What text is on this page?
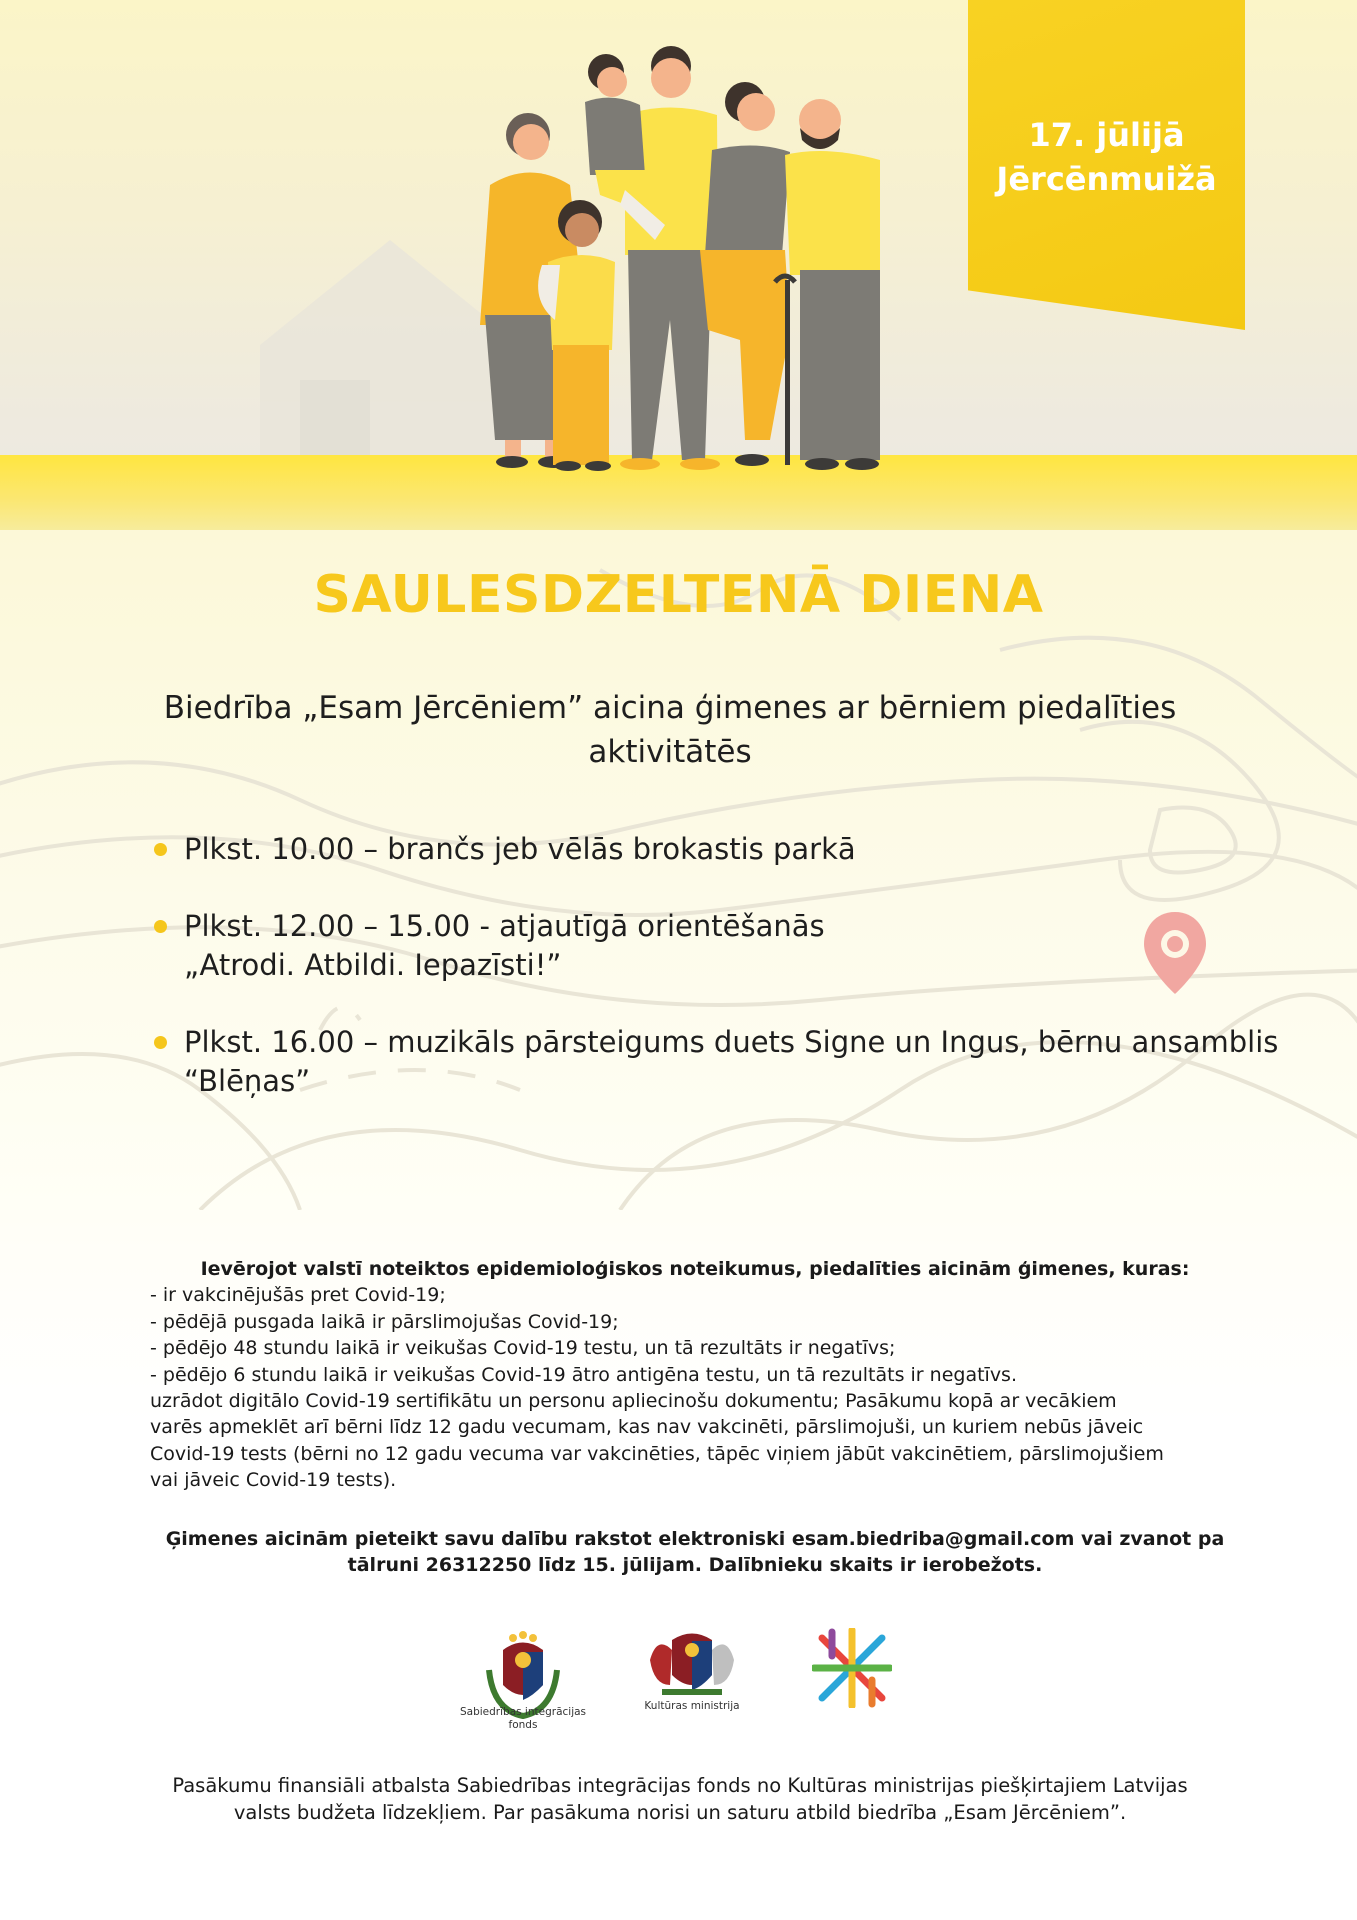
17. jūlijā
Jērcēnmuižā
SAULESDZELTENĀ DIENA
Biedrība „Esam Jērcēniem” aicina ģimenes ar bērniem piedalīties aktivitātēs
Plkst. 10.00 – brančs jeb vēlās brokastis parkā
Plkst. 12.00 – 15.00 - atjautīgā orientēšanās
„Atrodi. Atbildi. Iepazīsti!”
Plkst. 16.00 – muzikāls pārsteigums duets Signe un Ingus, bērnu ansamblis
“Blēņas”
Ievērojot valstī noteiktos epidemioloģiskos noteikumus, piedalīties aicinām ģimenes, kuras:
- ir vakcinējušās pret Covid-19;
- pēdējā pusgada laikā ir pārslimojušas Covid-19;
- pēdējo 48 stundu laikā ir veikušas Covid-19 testu, un tā rezultāts ir negatīvs;
- pēdējo 6 stundu laikā ir veikušas Covid-19 ātro antigēna testu, un tā rezultāts ir negatīvs.
uzrādot digitālo Covid-19 sertifikātu un personu apliecinošu dokumentu; Pasākumu kopā ar vecākiem
varēs apmeklēt arī bērni līdz 12 gadu vecumam, kas nav vakcinēti, pārslimojuši, un kuriem nebūs jāveic
Covid-19 tests (bērni no 12 gadu vecuma var vakcinēties, tāpēc viņiem jābūt vakcinētiem, pārslimojušiem
vai jāveic Covid-19 tests).
Ģimenes aicinām pieteikt savu dalību rakstot elektroniski esam.biedriba@gmail.com vai zvanot pa
tālruni 26312250 līdz 15. jūlijam. Dalībnieku skaits ir ierobežots.
Sabiedrības integrācijas
fonds
Kultūras ministrija
Pasākumu finansiāli atbalsta Sabiedrības integrācijas fonds no Kultūras ministrijas piešķirtajiem Latvijas
valsts budžeta līdzekļiem. Par pasākuma norisi un saturu atbild biedrība „Esam Jērcēniem”.
